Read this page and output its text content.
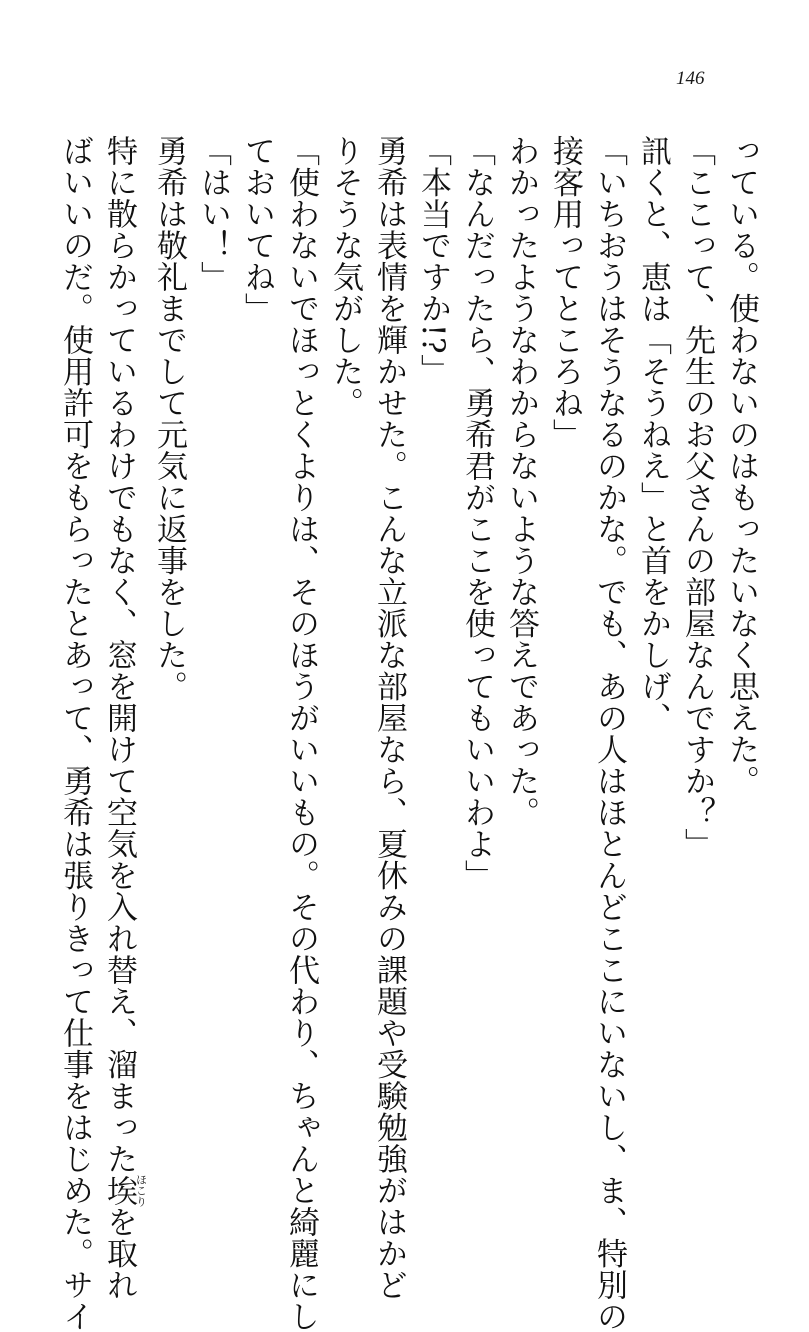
146
っている。使わないのはもったいなく思えた。
「ここって、先生のお父さんの部屋なんですか？」
訊くと、恵は「そうねえ」と首をかしげ、
「いちおうはそうなるのかな。でも、あの人はほとんどここにいないし、ま、特別の
接客用ってところね」
わかったようなわからないような答えであった。
「なんだったら、勇希君がここを使ってもいいわよ」
「本当ですか!?」
勇希は表情を輝かせた。こんな立派な部屋なら、夏休みの課題や受験勉強がはかど
りそうな気がした。
「使わないでほっとくよりは、そのほうがいいもの。その代わり、ちゃんと綺麗にし
ておいてね」
「はい！」
勇希は敬礼までして元気に返事をした。
特に散らかっているわけでもなく、窓を開けて空気を入れ替え、溜まった埃ほこりを取れ
ばいいのだ。使用許可をもらったとあって、勇希は張りきって仕事をはじめた。サイ
